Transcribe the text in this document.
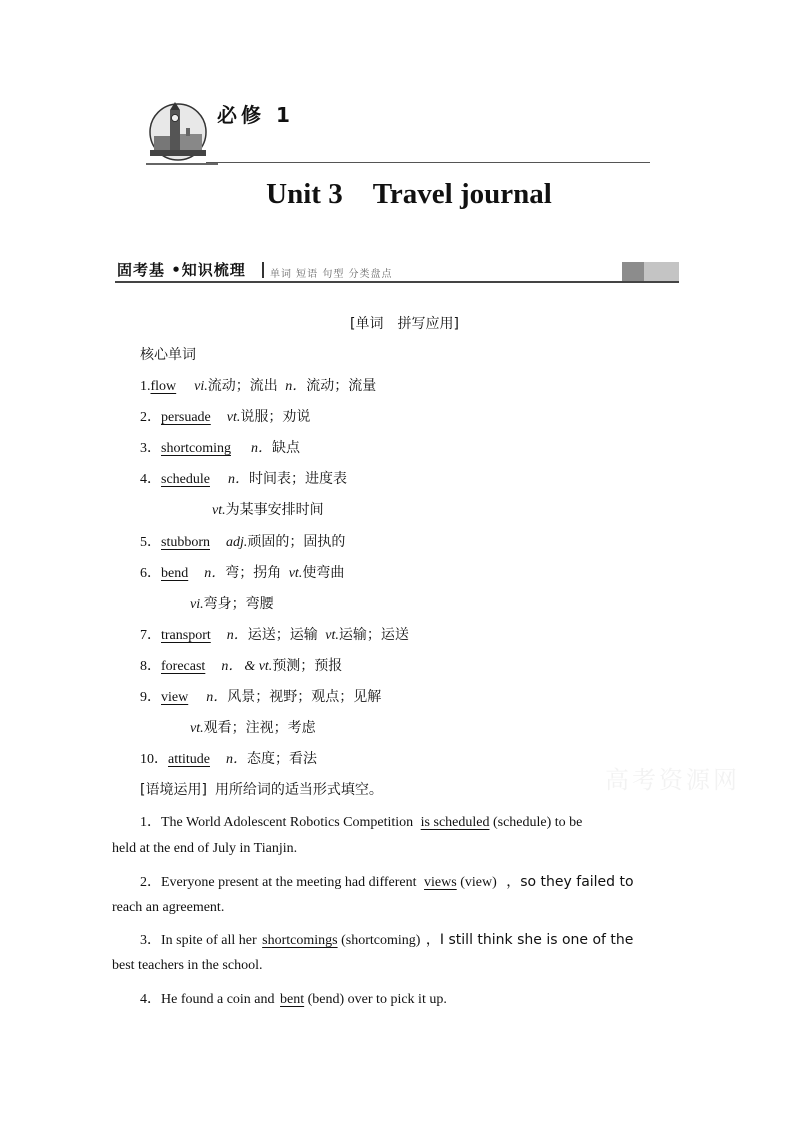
必修 1
Unit 3 Travel journal
固考基 •知识梳理 单词 短语 句型 分类盘点
[单词　拼写应用]
核心单词
1.flow vi.流动；流出 n．流动；流量
2．persuade vt.说服；劝说
3．shortcoming n．缺点
4．schedule n．时间表；进度表
vt.为某事安排时间
5．stubborn adj.顽固的；固执的
6．bend n．弯；拐角 vt.使弯曲
vi.弯身；弯腰
7．transport n．运送；运输 vt.运输；运送
8．forecast n． & vt.预测；预报
9．view n．风景；视野；观点；见解
vt.观看；注视；考虑
10．attitude n．态度；看法
[语境运用] 用所给词的适当形式填空。
1．The World Adolescent Robotics Competition is scheduled (schedule) to be
held at the end of July in Tianjin.
2．Everyone present at the meeting had different views (view) ，so they failed to
reach an agreement.
3．In spite of all her shortcomings (shortcoming) ，I still think she is one of the
best teachers in the school.
4．He found a coin and bent (bend) over to pick it up.
高考资源网
